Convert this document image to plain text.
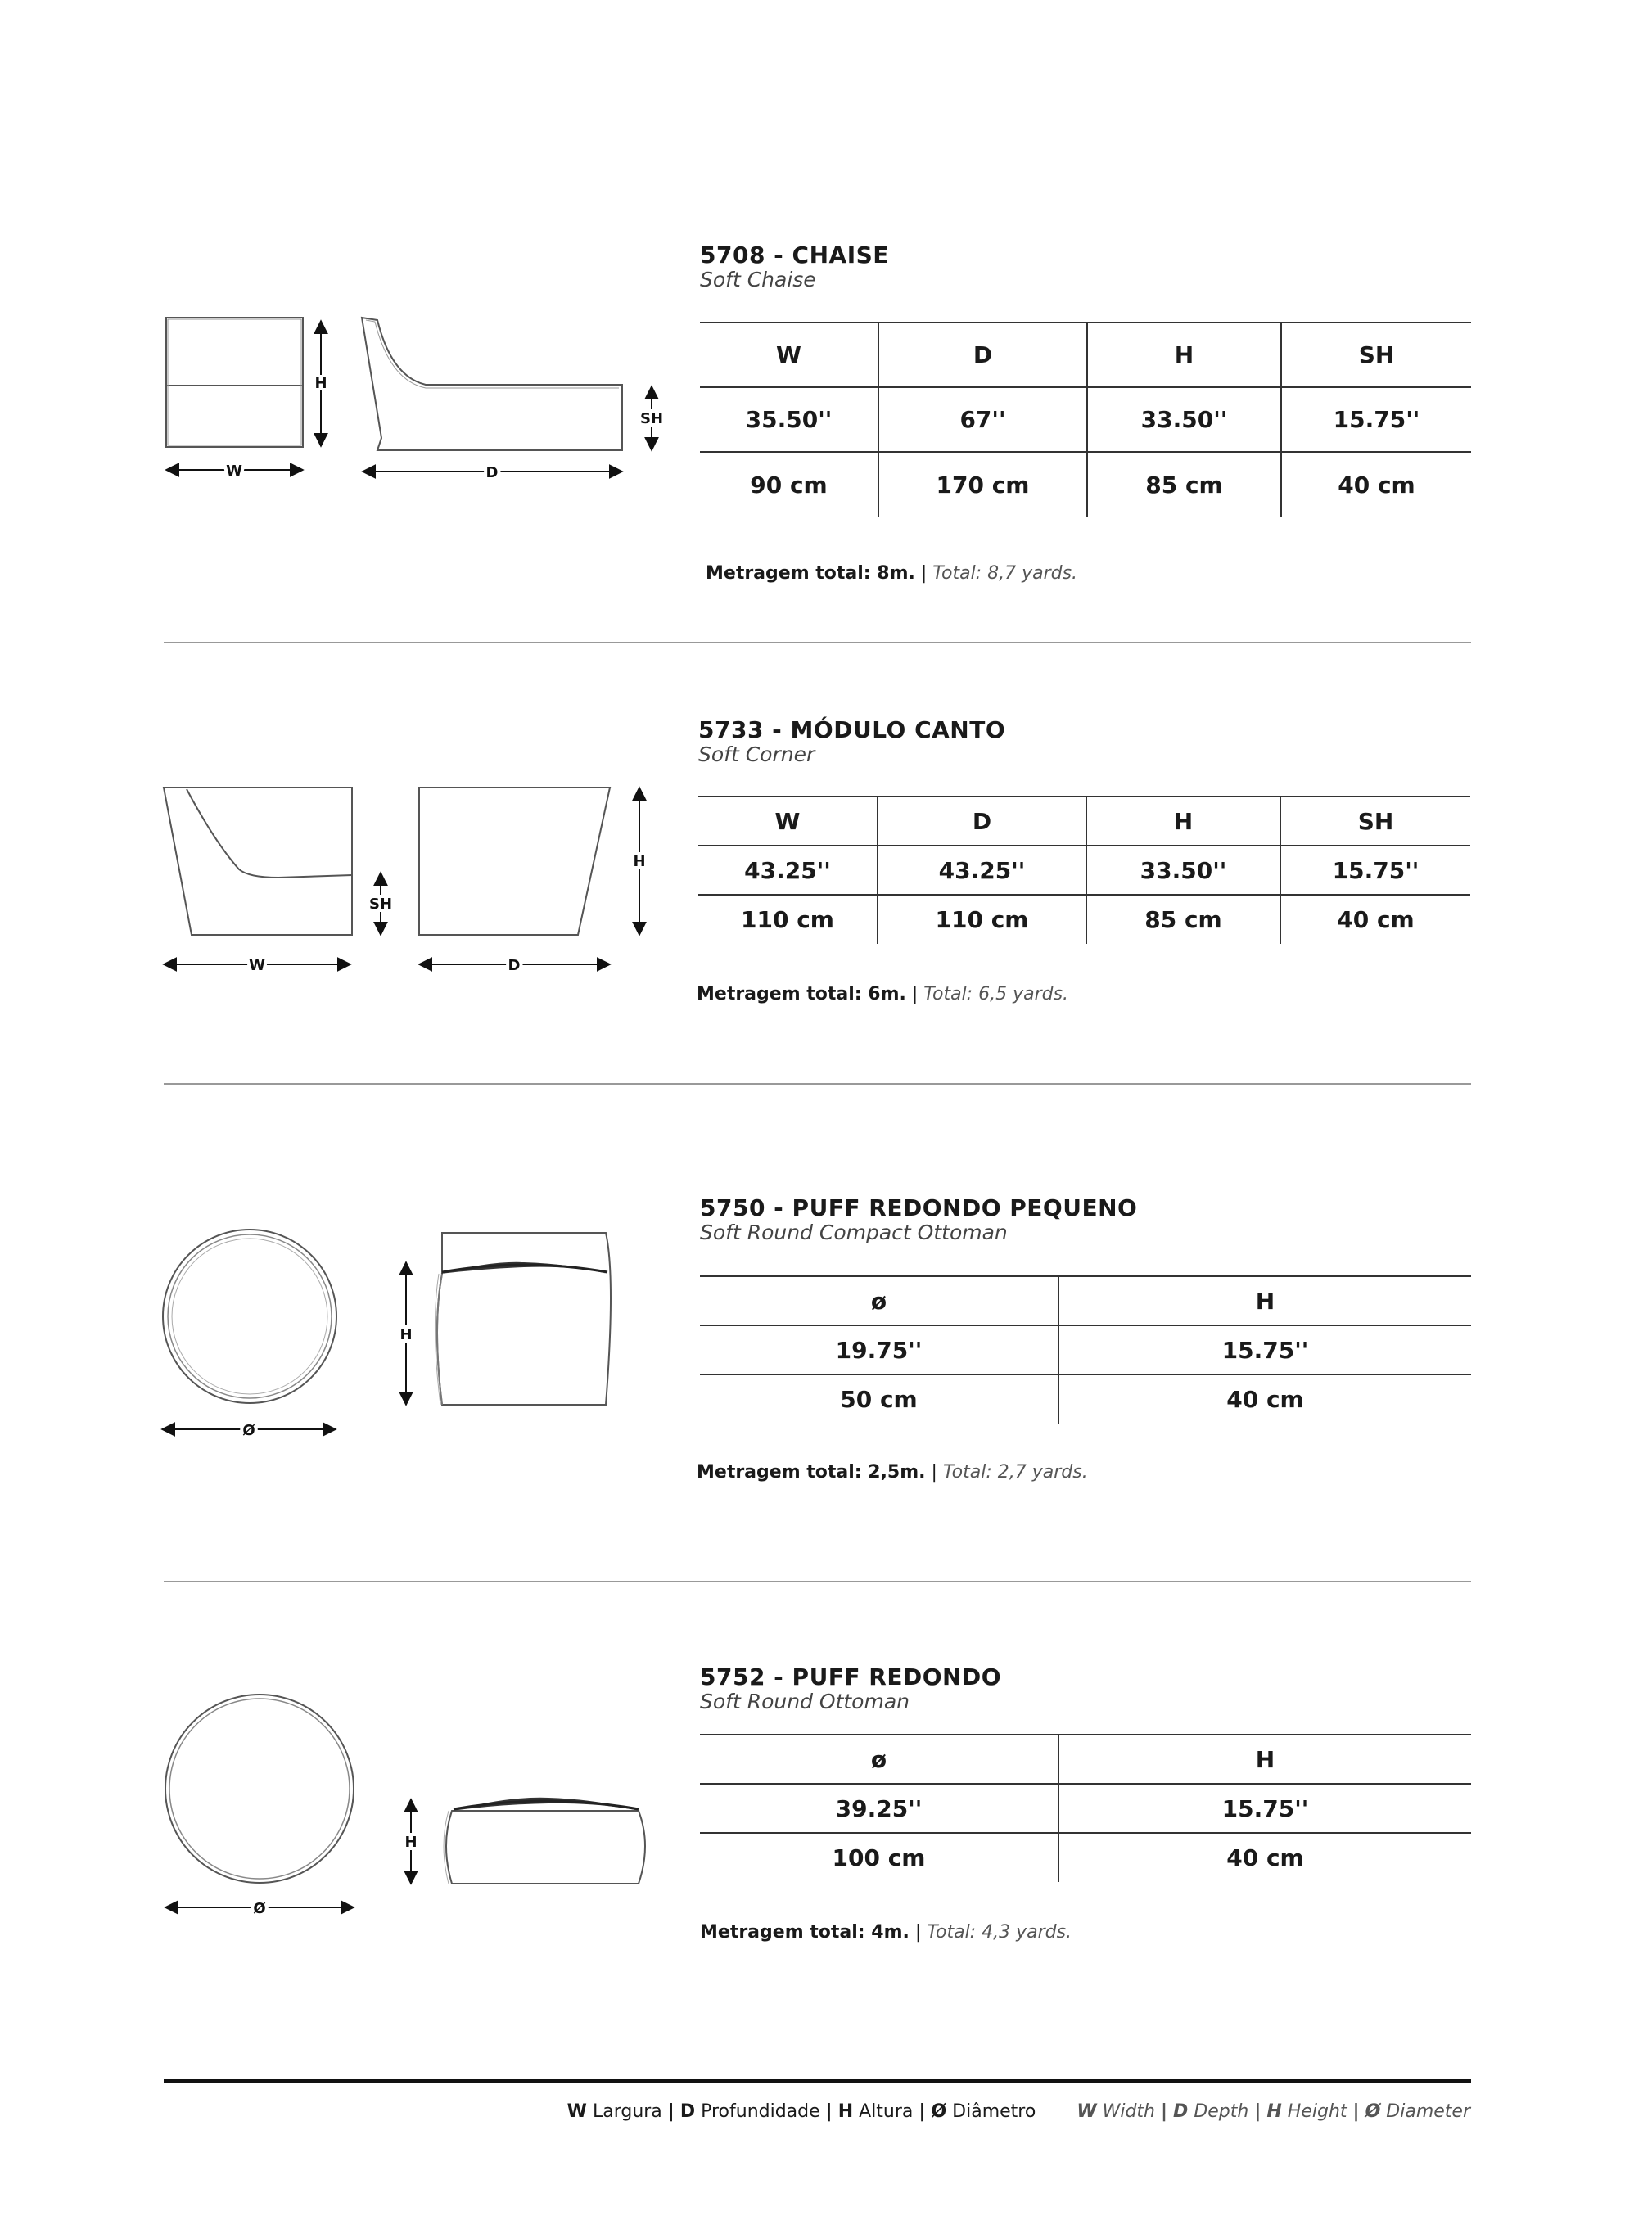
H
W	D
SH
W
SH
D
H
Ø
H
Ø
H
5708 - CHAISE
Soft Chaise
W	D	H	SH
35.50''	67''	33.50''	15.75''
90 cm	170 cm	85 cm	40 cm
Metragem total: 8m. | Total: 8,7 yards.
5733 - MÓDULO CANTO
Soft Corner
W	D	H	SH
43.25''	43.25''	33.50''	15.75''
110 cm	110 cm	85 cm	40 cm
Metragem total: 6m. | Total: 6,5 yards.
5750 - PUFF REDONDO PEQUENO
Soft Round Compact Ottoman
ø	H
19.75''	15.75''
50 cm	40 cm
Metragem total: 2,5m. | Total: 2,7 yards.
5752 - PUFF REDONDO
Soft Round Ottoman
ø	H
39.25''	15.75''
100 cm	40 cm
Metragem total: 4m. | Total: 4,3 yards.
W Largura | D Profundidade | H Altura | Ø Diâmetro W Width | D Depth | H Height | Ø Diameter
